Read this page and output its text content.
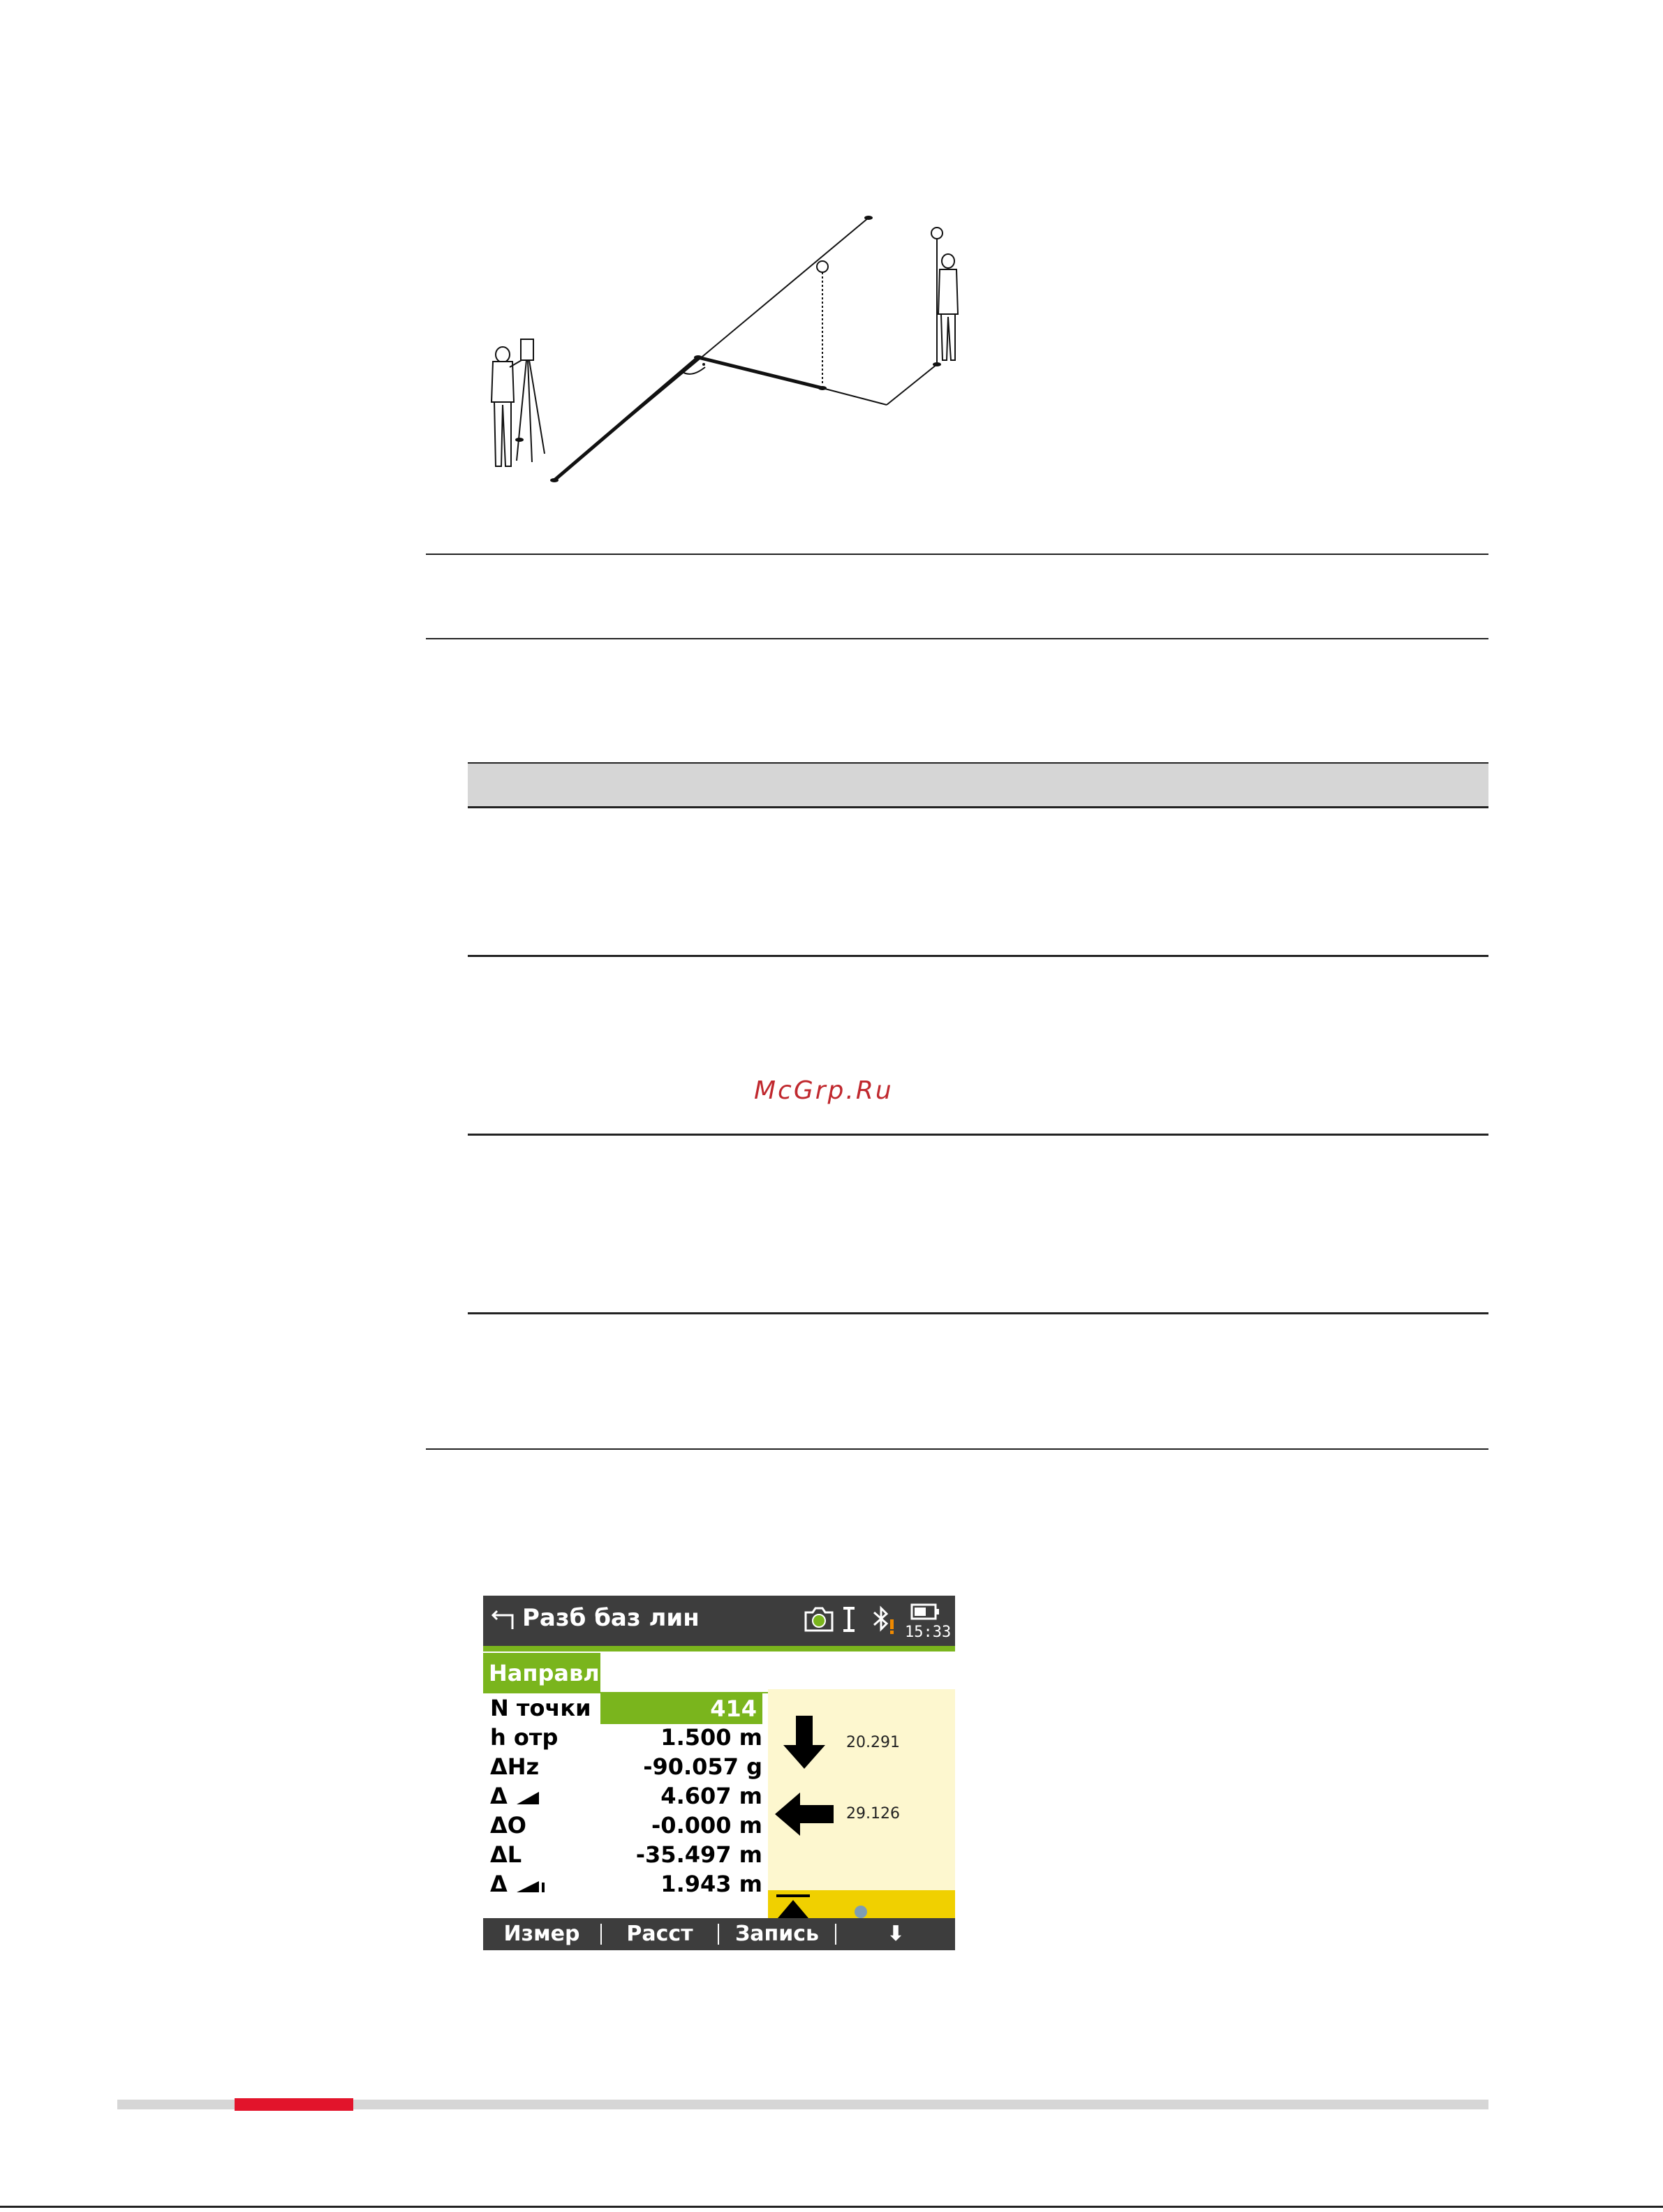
McGrp.Ru
Разб баз лин
15:33
Направл
N точки	414
h отр	1.500 m
ΔHz	-90.057 g
Δ	4.607 m
ΔO	-0.000 m
ΔL	-35.497 m
Δ	1.943 m
20.291
29.126
Измер	Расст	Запись	⬇
